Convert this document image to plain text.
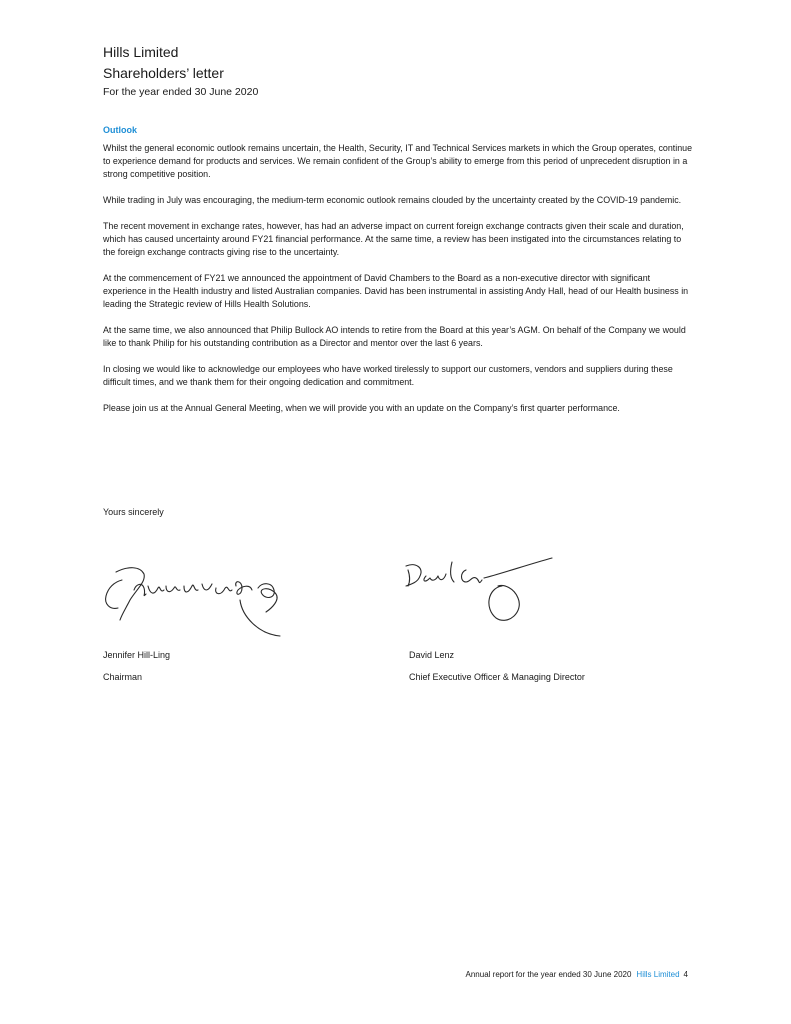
Hills Limited

Shareholders’ letter

For the year ended 30 June 2020

Outlook

Whilst the general economic outlook remains uncertain, the Health, Security, IT and Technical Services markets in which the Group operates, continue to experience demand for products and services. We remain confident of the Group’s ability to emerge from this period of unprecedent disruption in a strong competitive position.

While trading in July was encouraging, the medium-term economic outlook remains clouded by the uncertainty created by the COVID-19 pandemic.

The recent movement in exchange rates, however, has had an adverse impact on current foreign exchange contracts given their scale and duration, which has caused uncertainty around FY21 financial performance. At the same time, a review has been instigated into the circumstances relating to the foreign exchange contracts giving rise to the uncertainty.

At the commencement of FY21 we announced the appointment of David Chambers to the Board as a non-executive director with significant experience in the Health industry and listed Australian companies. David has been instrumental in assisting Andy Hall, head of our Health business in leading the Strategic review of Hills Health Solutions.

At the same time, we also announced that Philip Bullock AO intends to retire from the Board at this year’s AGM. On behalf of the Company we would like to thank Philip for his outstanding contribution as a Director and mentor over the last 6 years.

In closing we would like to acknowledge our employees who have worked tirelessly to support our customers, vendors and suppliers during these difficult times, and we thank them for their ongoing dedication and commitment.

Please join us at the Annual General Meeting, when we will provide you with an update on the Company’s first quarter performance.

Yours sincerely
Jennifer Hill-Ling
Chairman
David Lenz
Chief Executive Officer & Managing Director
Annual report for the year ended 30 June 2020 Hills Limited 4
